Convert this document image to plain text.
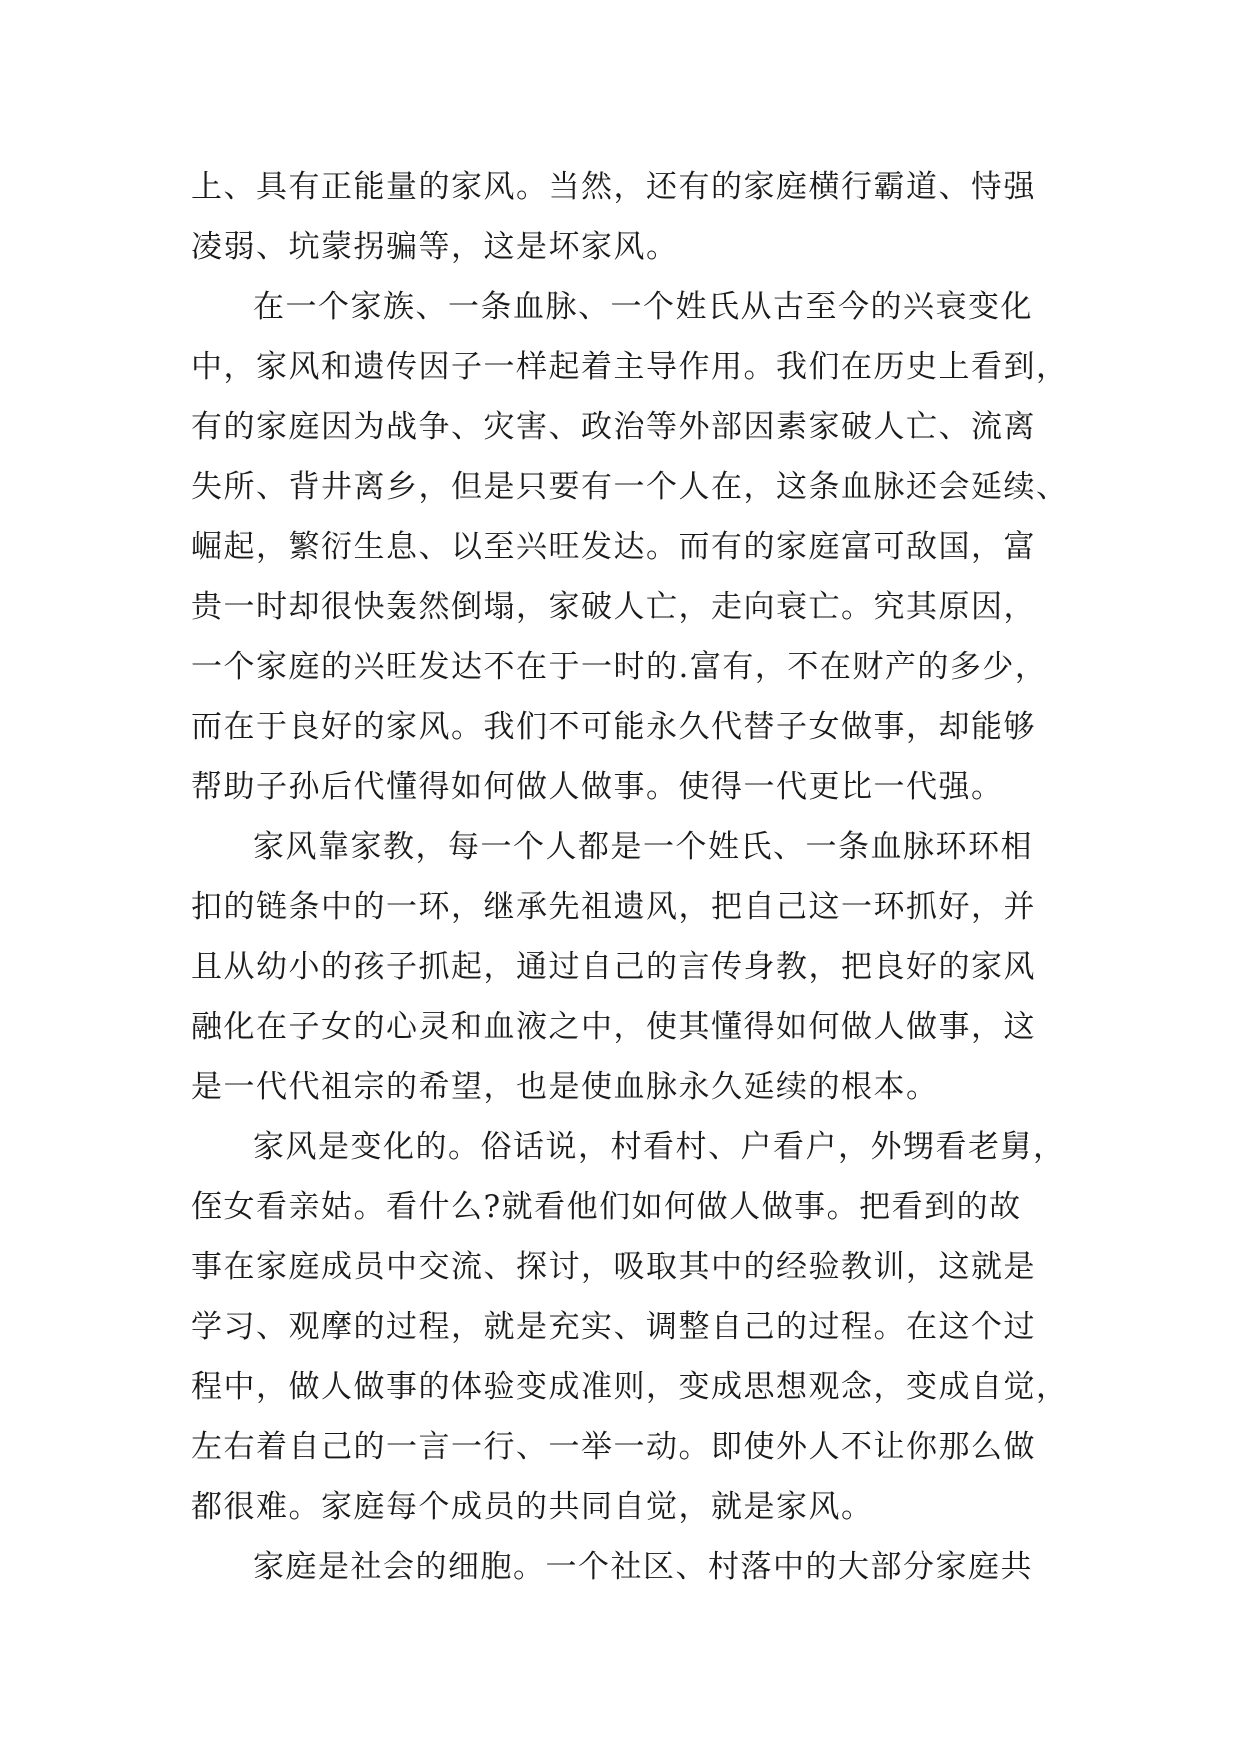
上、具有正能量的家风。当然，还有的家庭横行霸道、恃强

凌弱、坑蒙拐骗等，这是坏家风。

在一个家族、一条血脉、一个姓氏从古至今的兴衰变化

中，家风和遗传因子一样起着主导作用。我们在历史上看到，

有的家庭因为战争、灾害、政治等外部因素家破人亡、流离

失所、背井离乡，但是只要有一个人在，这条血脉还会延续、

崛起，繁衍生息、以至兴旺发达。而有的家庭富可敌国，富

贵一时却很快轰然倒塌，家破人亡，走向衰亡。究其原因，

一个家庭的兴旺发达不在于一时的.富有，不在财产的多少，

而在于良好的家风。我们不可能永久代替子女做事，却能够

帮助子孙后代懂得如何做人做事。使得一代更比一代强。

家风靠家教，每一个人都是一个姓氏、一条血脉环环相

扣的链条中的一环，继承先祖遗风，把自己这一环抓好，并

且从幼小的孩子抓起，通过自己的言传身教，把良好的家风

融化在子女的心灵和血液之中，使其懂得如何做人做事，这

是一代代祖宗的希望，也是使血脉永久延续的根本。

家风是变化的。俗话说，村看村、户看户，外甥看老舅，

侄女看亲姑。看什么?就看他们如何做人做事。把看到的故

事在家庭成员中交流、探讨，吸取其中的经验教训，这就是

学习、观摩的过程，就是充实、调整自己的过程。在这个过

程中，做人做事的体验变成准则，变成思想观念，变成自觉，

左右着自己的一言一行、一举一动。即使外人不让你那么做

都很难。家庭每个成员的共同自觉，就是家风。

家庭是社会的细胞。一个社区、村落中的大部分家庭共
